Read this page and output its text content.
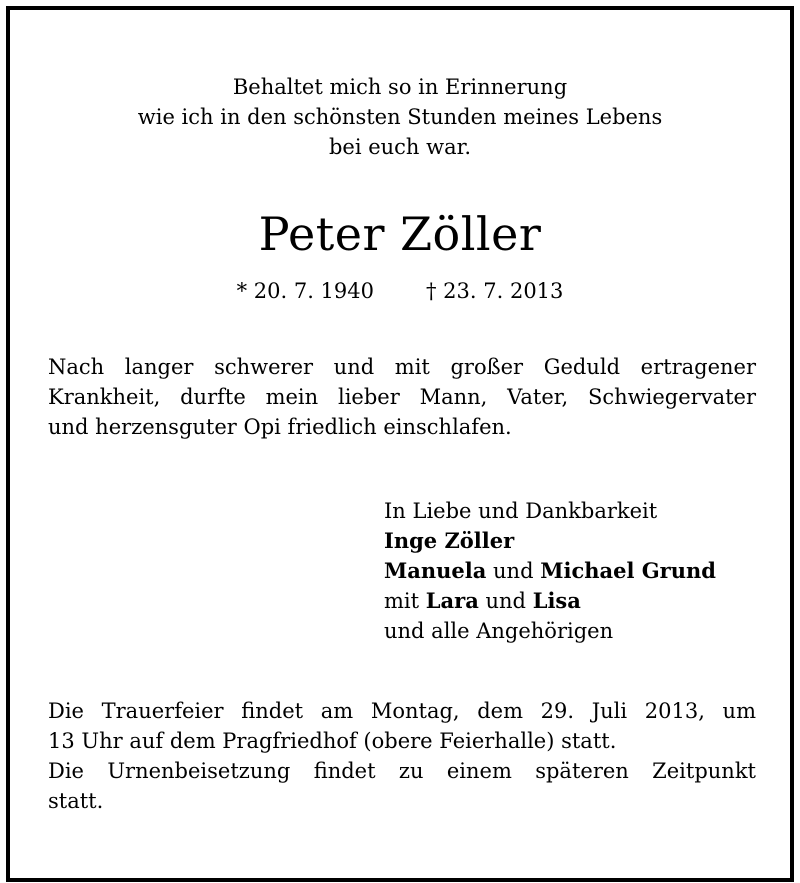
Behaltet mich so in Erinnerung
wie ich in den schönsten Stunden meines Lebens
bei euch war.
Peter Zöller
* 20. 7. 1940 † 23. 7. 2013
Nach langer schwerer und mit großer Geduld ertragener
Krankheit, durfte mein lieber Mann, Vater, Schwiegervater
und herzensguter Opi friedlich einschlafen.
In Liebe und Dankbarkeit
Inge Zöller
Manuela und Michael Grund
mit Lara und Lisa
und alle Angehörigen
Die Trauerfeier findet am Montag, dem 29. Juli 2013, um
13 Uhr auf dem Pragfriedhof (obere Feierhalle) statt.
Die Urnenbeisetzung findet zu einem späteren Zeitpunkt
statt.
